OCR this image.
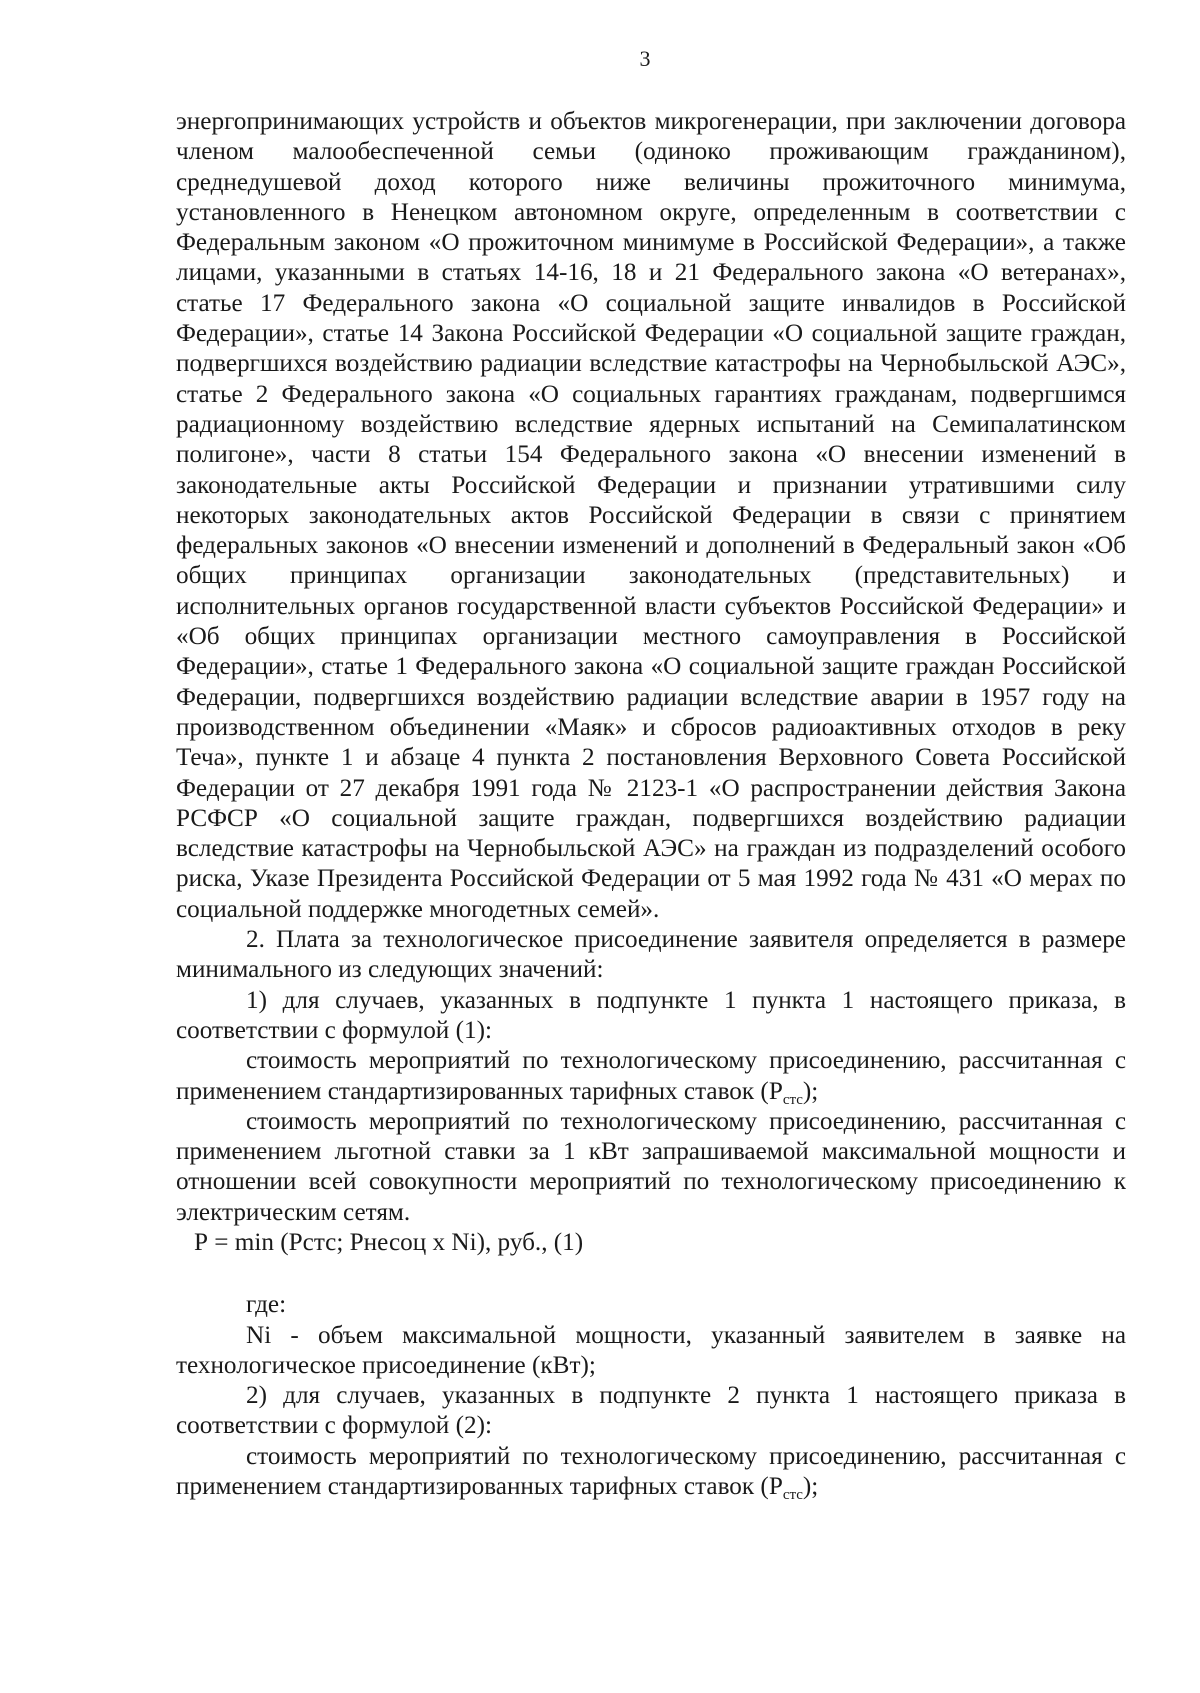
3

энергопринимающих устройств и объектов микрогенерации, при заключении договора членом малообеспеченной семьи (одиноко проживающим гражданином), среднедушевой доход которого ниже величины прожиточного минимума, установленного в Ненецком автономном округе, определенным в соответствии с Федеральным законом «О прожиточном минимуме в Российской Федерации», а также лицами, указанными в статьях 14-16, 18 и 21 Федерального закона «О ветеранах», статье 17 Федерального закона «О социальной защите инвалидов в Российской Федерации», статье 14 Закона Российской Федерации «О социальной защите граждан, подвергшихся воздействию радиации вследствие катастрофы на Чернобыльской АЭС», статье 2 Федерального закона «О социальных гарантиях гражданам, подвергшимся радиационному воздействию вследствие ядерных испытаний на Семипалатинском полигоне», части 8 статьи 154 Федерального закона «О внесении изменений в законодательные акты Российской Федерации и признании утратившими силу некоторых законодательных актов Российской Федерации в связи с принятием федеральных законов «О внесении изменений и дополнений в Федеральный закон «Об общих принципах организации законодательных (представительных) и исполнительных органов государственной власти субъектов Российской Федерации» и «Об общих принципах организации местного самоуправления в Российской Федерации», статье 1 Федерального закона «О социальной защите граждан Российской Федерации, подвергшихся воздействию радиации вследствие аварии в 1957 году на производственном объединении «Маяк» и сбросов радиоактивных отходов в реку Теча», пункте 1 и абзаце 4 пункта 2 постановления Верховного Совета Российской Федерации от 27 декабря 1991 года № 2123-1 «О распространении действия Закона РСФСР «О социальной защите граждан, подвергшихся воздействию радиации вследствие катастрофы на Чернобыльской АЭС» на граждан из подразделений особого риска, Указе Президента Российской Федерации от 5 мая 1992 года № 431 «О мерах по социальной поддержке многодетных семей».

2. Плата за технологическое присоединение заявителя определяется в размере минимального из следующих значений:

1) для случаев, указанных в подпункте 1 пункта 1 настоящего приказа, в соответствии с формулой (1):

стоимость мероприятий по технологическому присоединению, рассчитанная с применением стандартизированных тарифных ставок $(Р_{стс})$;

стоимость мероприятий по технологическому присоединению, рассчитанная с применением льготной ставки за 1 кВт запрашиваемой максимальной мощности и отношении всей совокупности мероприятий по технологическому присоединению к электрическим сетям.

Р = min (Рстс; Рнесоц x Ni), руб., (1)

где:

Ni - объем максимальной мощности, указанный заявителем в заявке на технологическое присоединение (кВт);

2) для случаев, указанных в подпункте 2 пункта 1 настоящего приказа в соответствии с формулой (2):

стоимость мероприятий по технологическому присоединению, рассчитанная с применением стандартизированных тарифных ставок $(Р_{стс})$;
